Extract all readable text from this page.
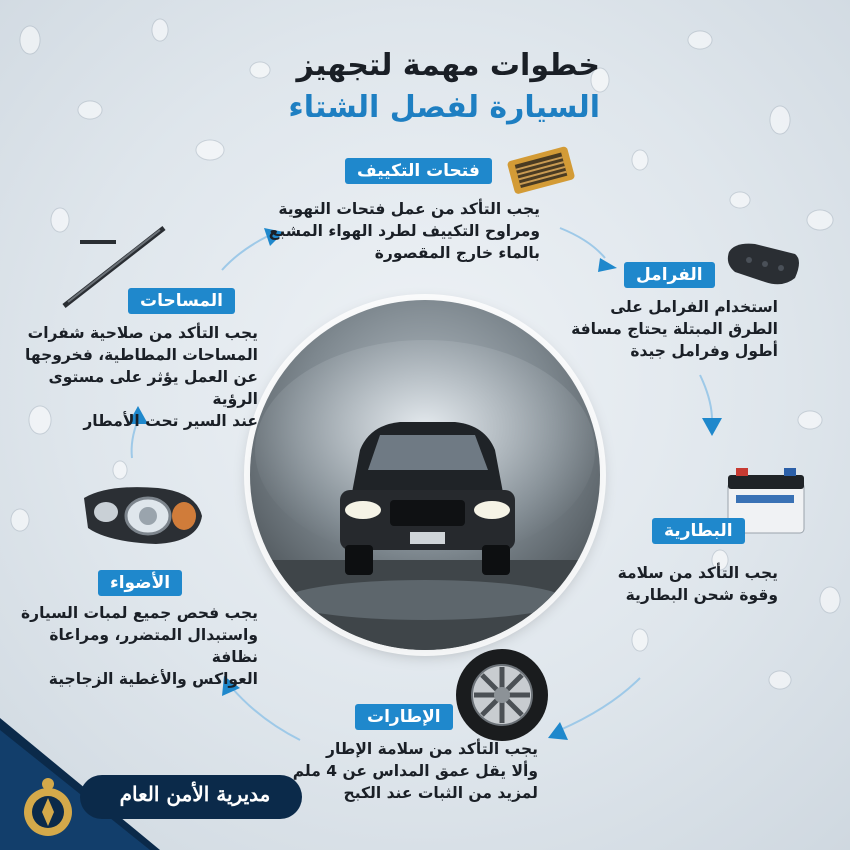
خطوات مهمة لتجهيز
السيارة لفصل الشتاء
فتحات التكييف
يجب التأكد من عمل فتحات التهوية
ومراوح التكييف لطرد الهواء المشبع
بالماء خارج المقصورة
الفرامل
استخدام الفرامل على
الطرق المبتلة يحتاج مسافة
أطول وفرامل جيدة
البطارية
يجب التأكد من سلامة
وقوة شحن البطارية
الإطارات
يجب التأكد من سلامة الإطار
وألا يقل عمق المداس عن 4 ملم
لمزيد من الثبات عند الكبح
الأضواء
يجب فحص جميع لمبات السيارة
واستبدال المتضرر، ومراعاة نظافة
العواكس والأغطية الزجاجية
المساحات
يجب التأكد من صلاحية شفرات
المساحات المطاطية، فخروجها
عن العمل يؤثر على مستوى الرؤية
عند السير تحت الأمطار
مديرية الأمن العام
